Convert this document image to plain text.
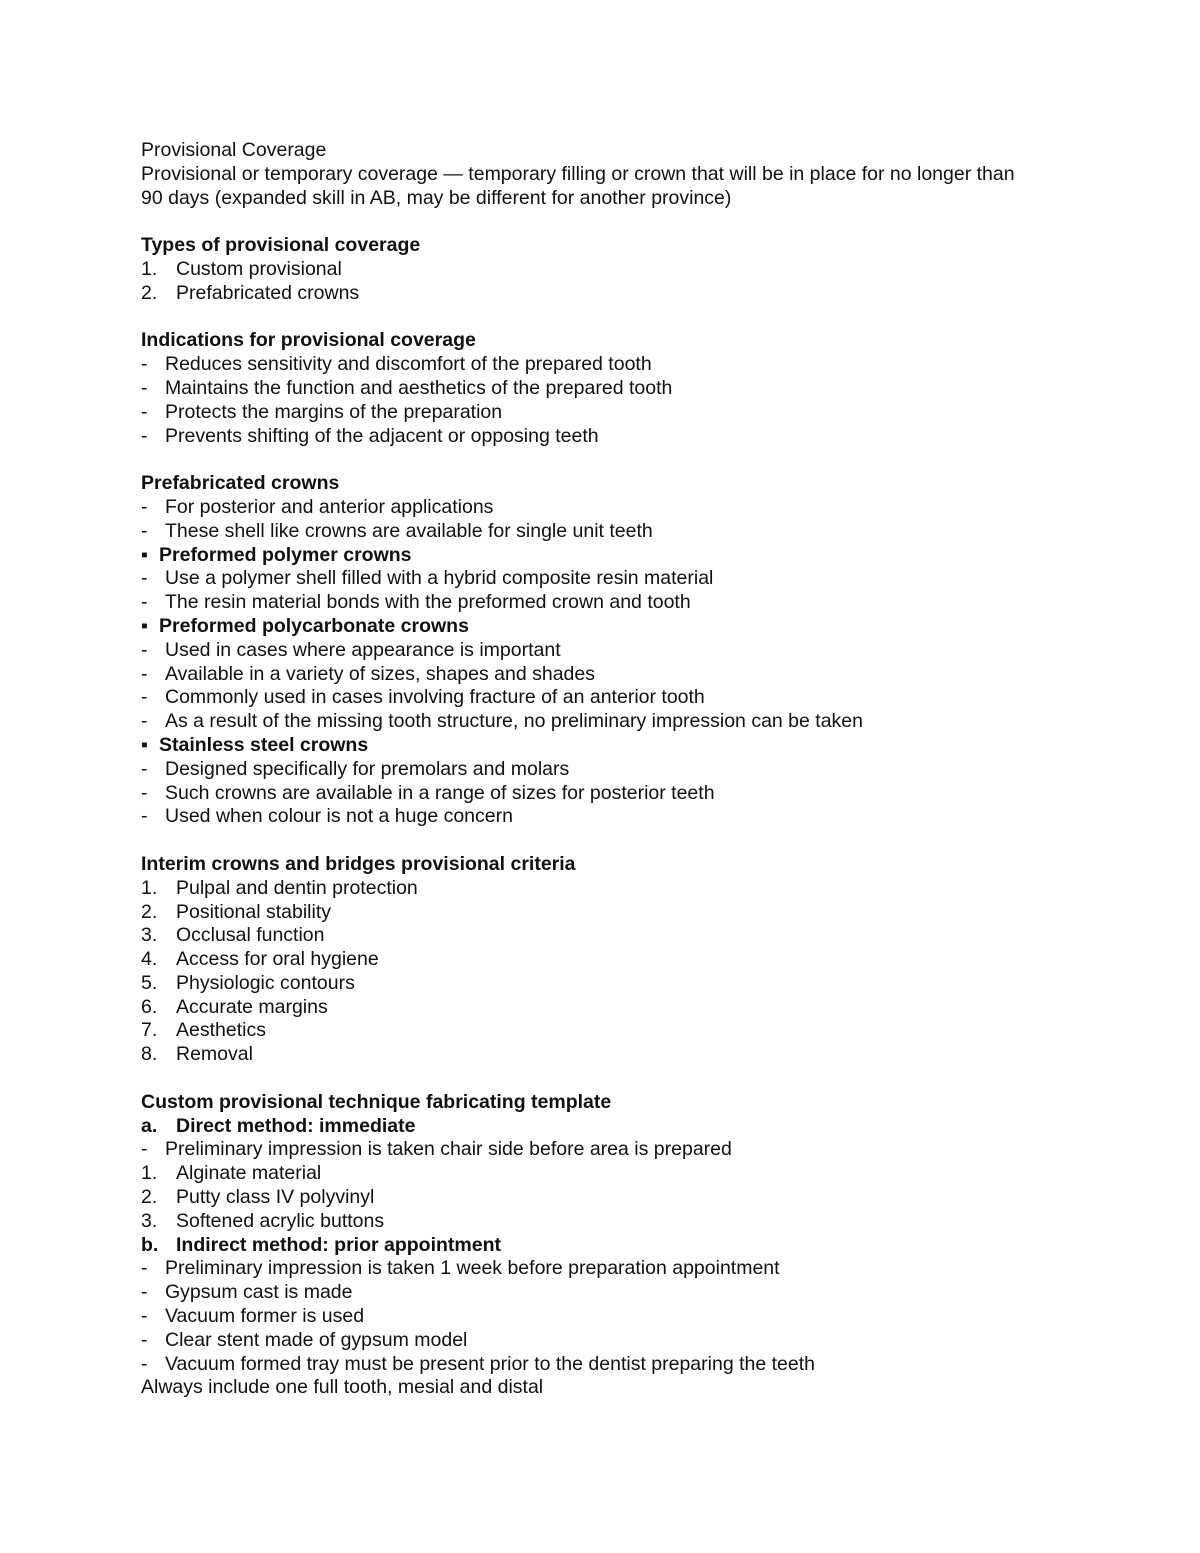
Provisional Coverage
Provisional or temporary coverage — temporary filling or crown that will be in place for no longer than 90 days (expanded skill in AB, may be different for another province)
Types of provisional coverage
1. Custom provisional
2. Prefabricated crowns
Indications for provisional coverage
- Reduces sensitivity and discomfort of the prepared tooth
- Maintains the function and aesthetics of the prepared tooth
- Protects the margins of the preparation
- Prevents shifting of the adjacent or opposing teeth
Prefabricated crowns
- For posterior and anterior applications
- These shell like crowns are available for single unit teeth
▪ Preformed polymer crowns
- Use a polymer shell filled with a hybrid composite resin material
- The resin material bonds with the preformed crown and tooth
▪ Preformed polycarbonate crowns
- Used in cases where appearance is important
- Available in a variety of sizes, shapes and shades
- Commonly used in cases involving fracture of an anterior tooth
- As a result of the missing tooth structure, no preliminary impression can be taken
▪ Stainless steel crowns
- Designed specifically for premolars and molars
- Such crowns are available in a range of sizes for posterior teeth
- Used when colour is not a huge concern
Interim crowns and bridges provisional criteria
1. Pulpal and dentin protection
2. Positional stability
3. Occlusal function
4. Access for oral hygiene
5. Physiologic contours
6. Accurate margins
7. Aesthetics
8. Removal
Custom provisional technique fabricating template
a. Direct method: immediate
- Preliminary impression is taken chair side before area is prepared
1. Alginate material
2. Putty class IV polyvinyl
3. Softened acrylic buttons
b. Indirect method: prior appointment
- Preliminary impression is taken 1 week before preparation appointment
- Gypsum cast is made
- Vacuum former is used
- Clear stent made of gypsum model
- Vacuum formed tray must be present prior to the dentist preparing the teeth
Always include one full tooth, mesial and distal
